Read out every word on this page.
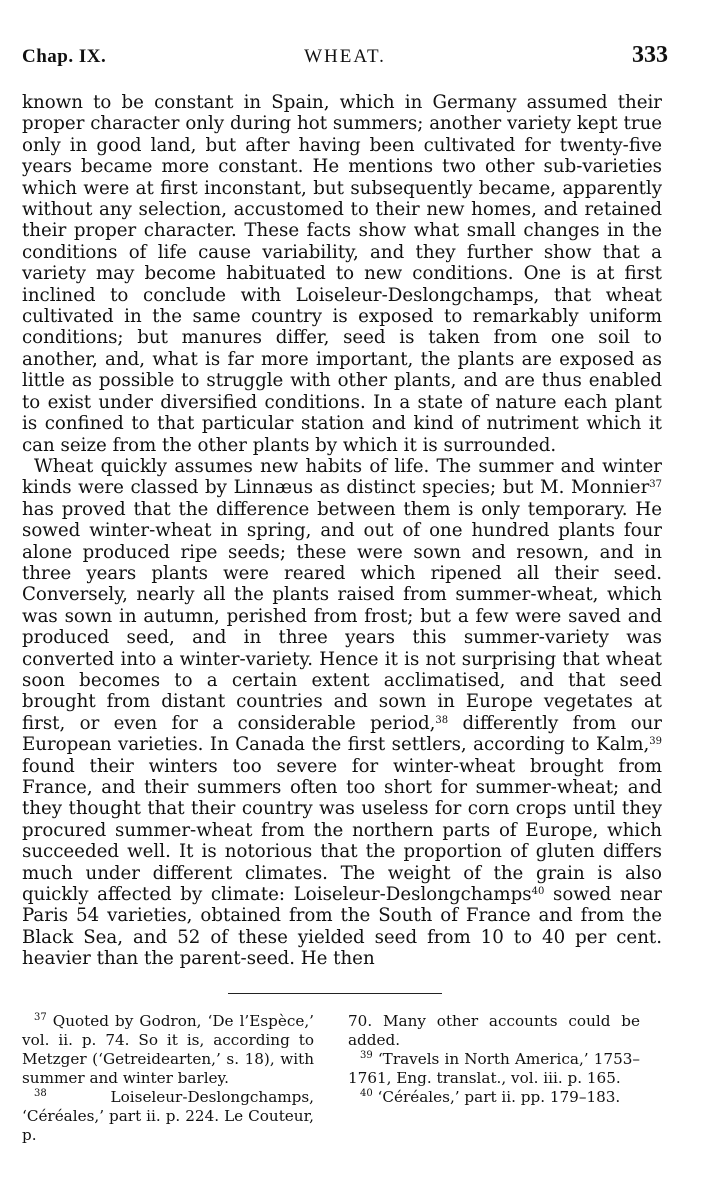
Chap. IX.	WHEAT.	333

known to be constant in Spain, which in Germany assumed their proper character only during hot summers; another variety kept true only in good land, but after having been cultivated for twenty-five years became more constant. He mentions two other sub-varieties which were at first inconstant, but subsequently became, apparently without any selection, accustomed to their new homes, and retained their proper character. These facts show what small changes in the conditions of life cause variability, and they further show that a variety may become habituated to new conditions. One is at first inclined to conclude with Loiseleur-Deslongchamps, that wheat cultivated in the same country is exposed to remarkably uniform conditions; but manures differ, seed is taken from one soil to another, and, what is far more important, the plants are exposed as little as possible to struggle with other plants, and are thus enabled to exist under diversified conditions. In a state of nature each plant is confined to that particular station and kind of nutriment which it can seize from the other plants by which it is surrounded.

Wheat quickly assumes new habits of life. The summer and winter kinds were classed by Linnæus as distinct species; but M. Monnier$^{37}$ has proved that the difference between them is only temporary. He sowed winter-wheat in spring, and out of one hundred plants four alone produced ripe seeds; these were sown and resown, and in three years plants were reared which ripened all their seed. Conversely, nearly all the plants raised from summer-wheat, which was sown in autumn, perished from frost; but a few were saved and produced seed, and in three years this summer-variety was converted into a winter-variety. Hence it is not surprising that wheat soon becomes to a certain extent acclimatised, and that seed brought from distant countries and sown in Europe vegetates at first, or even for a considerable period,$^{38}$ differently from our European varieties. In Canada the first settlers, according to Kalm,$^{39}$ found their winters too severe for winter-wheat brought from France, and their summers often too short for summer-wheat; and they thought that their country was useless for corn crops until they procured summer-wheat from the northern parts of Europe, which succeeded well. It is notorious that the proportion of gluten differs much under different climates. The weight of the grain is also quickly affected by climate: Loiseleur-Deslongchamps$^{40}$ sowed near Paris 54 varieties, obtained from the South of France and from the Black Sea, and 52 of these yielded seed from 10 to 40 per cent. heavier than the parent-seed. He then

$^{37}$ Quoted by Godron, ‘De l’Espèce,’ vol. ii. p. 74. So it is, according to Metzger (‘Getreidearten,’ s. 18), with summer and winter barley.

$^{38}$ Loiseleur-Deslongchamps, ‘Céréales,’ part ii. p. 224. Le Couteur, p.

70. Many other accounts could be added.

$^{39}$ ‘Travels in North America,’ 1753–1761, Eng. translat., vol. iii. p. 165.

$^{40}$ ‘Céréales,’ part ii. pp. 179–183.
